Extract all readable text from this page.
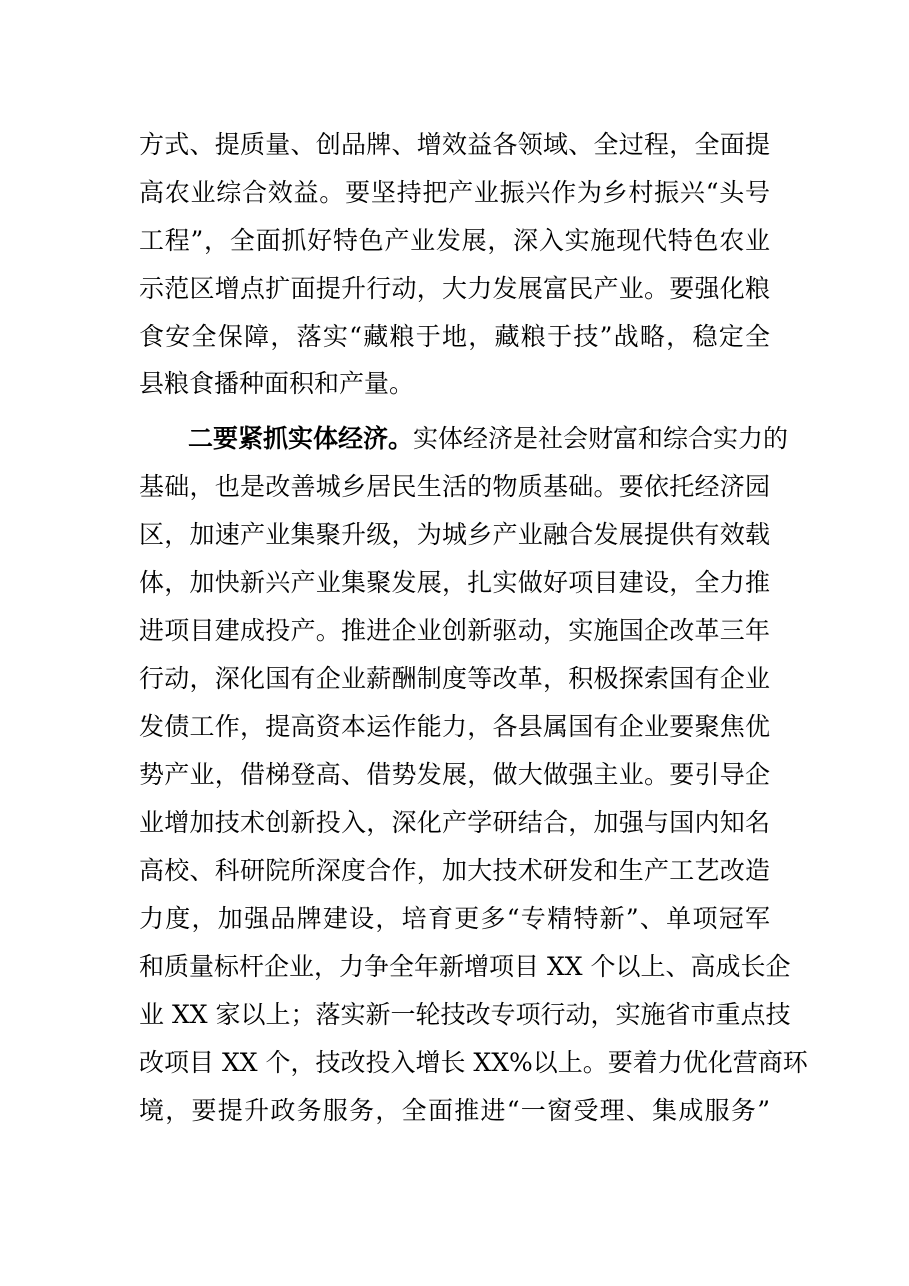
方式、提质量、创品牌、增效益各领域、全过程，全面提
高农业综合效益。要坚持把产业振兴作为乡村振兴“头号
工程”，全面抓好特色产业发展，深入实施现代特色农业
示范区增点扩面提升行动，大力发展富民产业。要强化粮
食安全保障，落实“藏粮于地，藏粮于技”战略，稳定全
县粮食播种面积和产量。
二要紧抓实体经济。实体经济是社会财富和综合实力的
基础，也是改善城乡居民生活的物质基础。要依托经济园
区，加速产业集聚升级，为城乡产业融合发展提供有效载
体，加快新兴产业集聚发展，扎实做好项目建设，全力推
进项目建成投产。推进企业创新驱动，实施国企改革三年
行动，深化国有企业薪酬制度等改革，积极探索国有企业
发债工作，提高资本运作能力，各县属国有企业要聚焦优
势产业，借梯登高、借势发展，做大做强主业。要引导企
业增加技术创新投入，深化产学研结合，加强与国内知名
高校、科研院所深度合作，加大技术研发和生产工艺改造
力度，加强品牌建设，培育更多“专精特新”、单项冠军
和质量标杆企业，力争全年新增项目 XX 个以上、高成长企
业 XX 家以上；落实新一轮技改专项行动，实施省市重点技
改项目 XX 个，技改投入增长 XX%以上。要着力优化营商环
境，要提升政务服务，全面推进“一窗受理、集成服务”
